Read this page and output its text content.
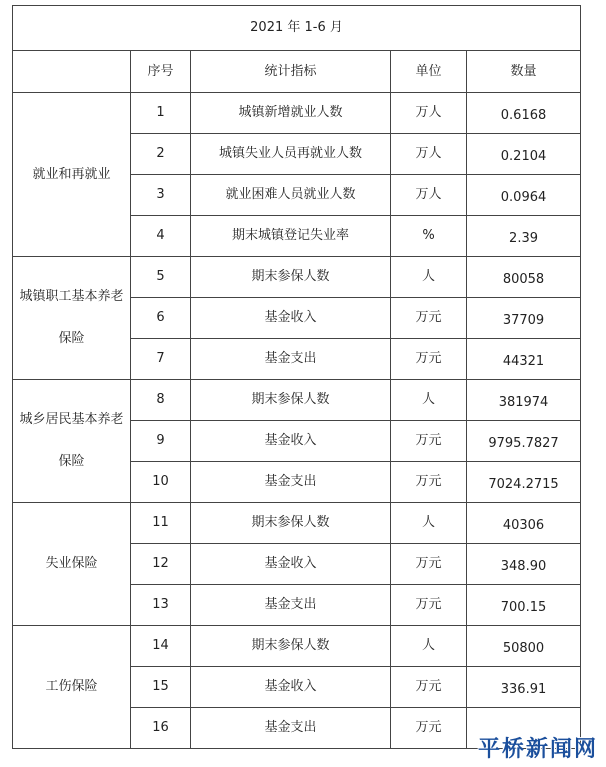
2021 年 1-6 月				
	序号	统计指标	单位	数量
就业和再就业	1	城镇新增就业人数	万人	0.6168
	2	城镇失业人员再就业人数	万人	0.2104
	3	就业困难人员就业人数	万人	0.0964
	4	期末城镇登记失业率	%	2.39
城镇职工基本养老保险	5	期末参保人数	人	80058
	6	基金收入	万元	37709
	7	基金支出	万元	44321
城乡居民基本养老保险	8	期末参保人数	人	381974
	9	基金收入	万元	9795.7827
	10	基金支出	万元	7024.2715
失业保险	11	期末参保人数	人	40306
	12	基金收入	万元	348.90
	13	基金支出	万元	700.15
工伤保险	14	期末参保人数	人	50800
	15	基金收入	万元	336.91
	16	基金支出	万元	
平桥新闻网
